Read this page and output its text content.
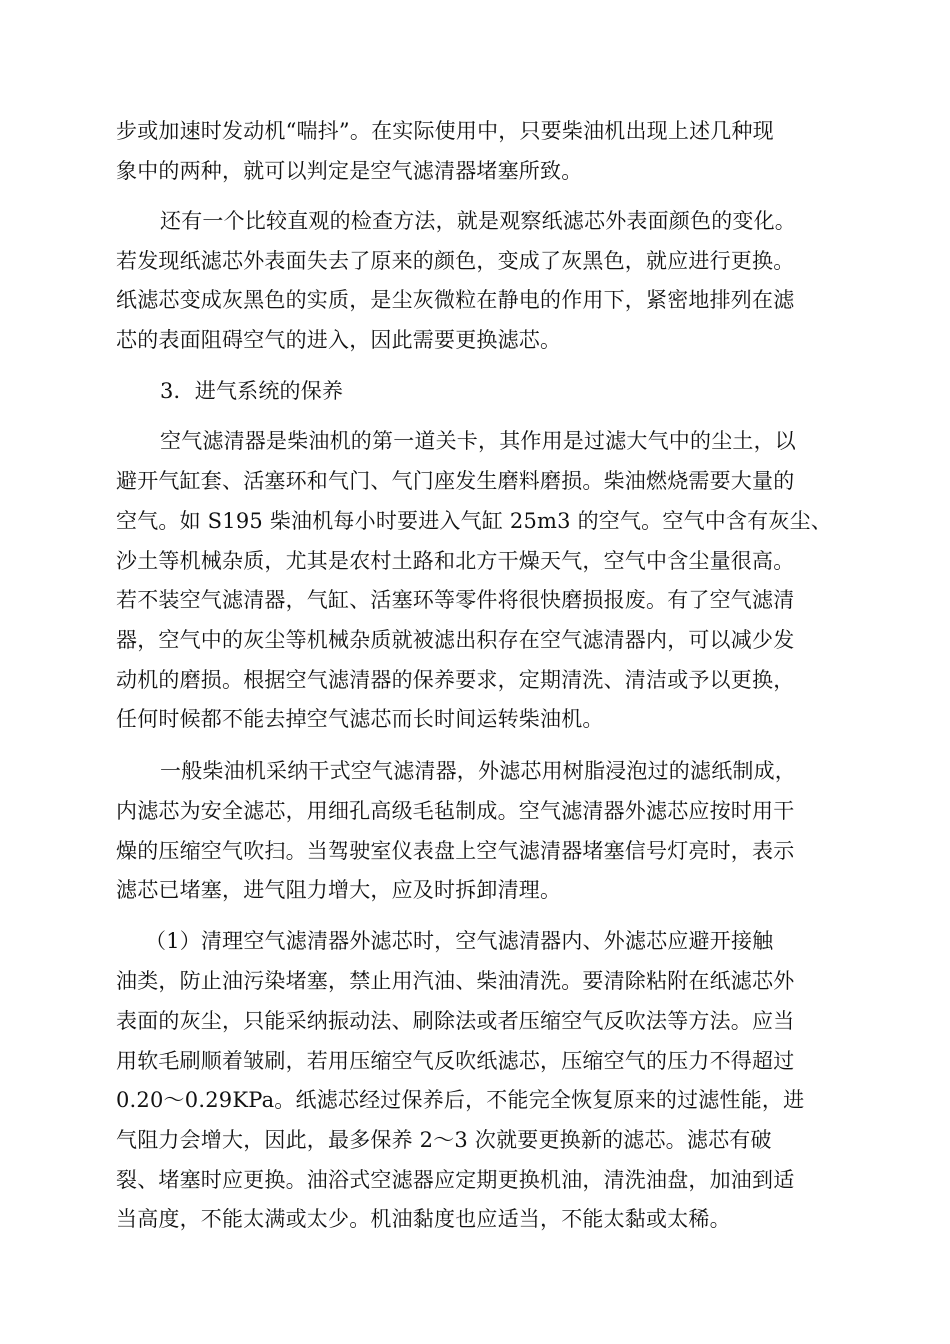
步或加速时发动机“喘抖”。在实际使用中，只要柴油机出现上述几种现
象中的两种，就可以判定是空气滤清器堵塞所致。
还有一个比较直观的检查方法，就是观察纸滤芯外表面颜色的变化。
若发现纸滤芯外表面失去了原来的颜色，变成了灰黑色，就应进行更换。
纸滤芯变成灰黑色的实质，是尘灰微粒在静电的作用下，紧密地排列在滤
芯的表面阻碍空气的进入，因此需要更换滤芯。
3．进气系统的保养
空气滤清器是柴油机的第一道关卡，其作用是过滤大气中的尘土，以
避开气缸套、活塞环和气门、气门座发生磨料磨损。柴油燃烧需要大量的
空气。如 S195 柴油机每小时要进入气缸 25m3 的空气。空气中含有灰尘、
沙土等机械杂质，尤其是农村土路和北方干燥天气，空气中含尘量很高。
若不装空气滤清器，气缸、活塞环等零件将很快磨损报废。有了空气滤清
器，空气中的灰尘等机械杂质就被滤出积存在空气滤清器内，可以减少发
动机的磨损。根据空气滤清器的保养要求，定期清洗、清洁或予以更换，
任何时候都不能去掉空气滤芯而长时间运转柴油机。
一般柴油机采纳干式空气滤清器，外滤芯用树脂浸泡过的滤纸制成，
内滤芯为安全滤芯，用细孔高级毛毡制成。空气滤清器外滤芯应按时用干
燥的压缩空气吹扫。当驾驶室仪表盘上空气滤清器堵塞信号灯亮时，表示
滤芯已堵塞，进气阻力增大，应及时拆卸清理。
（1）清理空气滤清器外滤芯时，空气滤清器内、外滤芯应避开接触
油类，防止油污染堵塞，禁止用汽油、柴油清洗。要清除粘附在纸滤芯外
表面的灰尘，只能采纳振动法、刷除法或者压缩空气反吹法等方法。应当
用软毛刷顺着皱刷，若用压缩空气反吹纸滤芯，压缩空气的压力不得超过
0.20～0.29KPa。纸滤芯经过保养后，不能完全恢复原来的过滤性能，进
气阻力会增大，因此，最多保养 2～3 次就要更换新的滤芯。滤芯有破
裂、堵塞时应更换。油浴式空滤器应定期更换机油，清洗油盘，加油到适
当高度，不能太满或太少。机油黏度也应适当，不能太黏或太稀。
